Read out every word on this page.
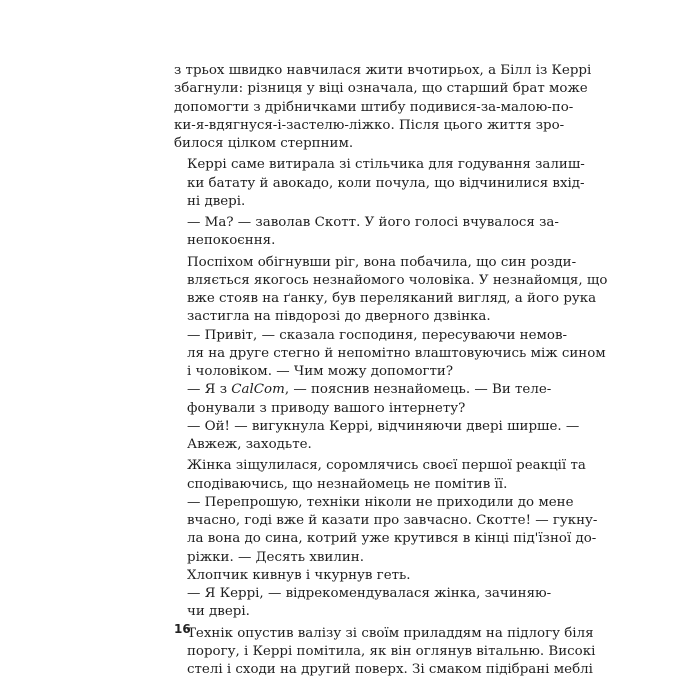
з трьох швидко навчилася жити вчотирьох, а Білл із Керрі
збагнули: різниця у віці означала, що старший брат може
допомогти з дрібничками штибу подивися-за-малою-по-
ки-я-вдягнуся-і-застелю-ліжко. Після цього життя зро-
билося цілком стерпним.

Керрі саме витирала зі стільчика для годування залиш-
ки батату й авокадо, коли почула, що відчинилися вхід-
ні двері.

— Ма? — заволав Скотт. У його голосі вчувалося за-
непокоєння.

Поспіхом обігнувши ріг, вона побачила, що син розди-
вляється якогось незнайомого чоловіка. У незнайомця, що
вже стояв на ґанку, був переляканий вигляд, а його рука
застигла на півдорозі до дверного дзвінка.

— Привіт, — сказала господиня, пересуваючи немов-
ля на друге стегно й непомітно влаштовуючись між сином
і чоловіком. — Чим можу допомогти?

— Я з CalCom, — пояснив незнайомець. — Ви теле-
фонували з приводу вашого інтернету?

— Ой! — вигукнула Керрі, відчиняючи двері ширше. —
Авжеж, заходьте.

Жінка зіщулилася, соромлячись своєї першої реакції та
сподіваючись, що незнайомець не помітив її.

— Перепрошую, техніки ніколи не приходили до мене
вчасно, годі вже й казати про завчасно. Скотте! — гукну-
ла вона до сина, котрий уже крутився в кінці під'їзної до-
ріжки. — Десять хвилин.

Хлопчик кивнув і чкурнув геть.

— Я Керрі, — відрекомендувалася жінка, зачиняю-
чи двері.

Технік опустив валізу зі своїм приладдям на підлогу біля
порогу, і Керрі помітила, як він оглянув вітальню. Високі
стелі і сходи на другий поверх. Зі смаком підібрані меблі

16
